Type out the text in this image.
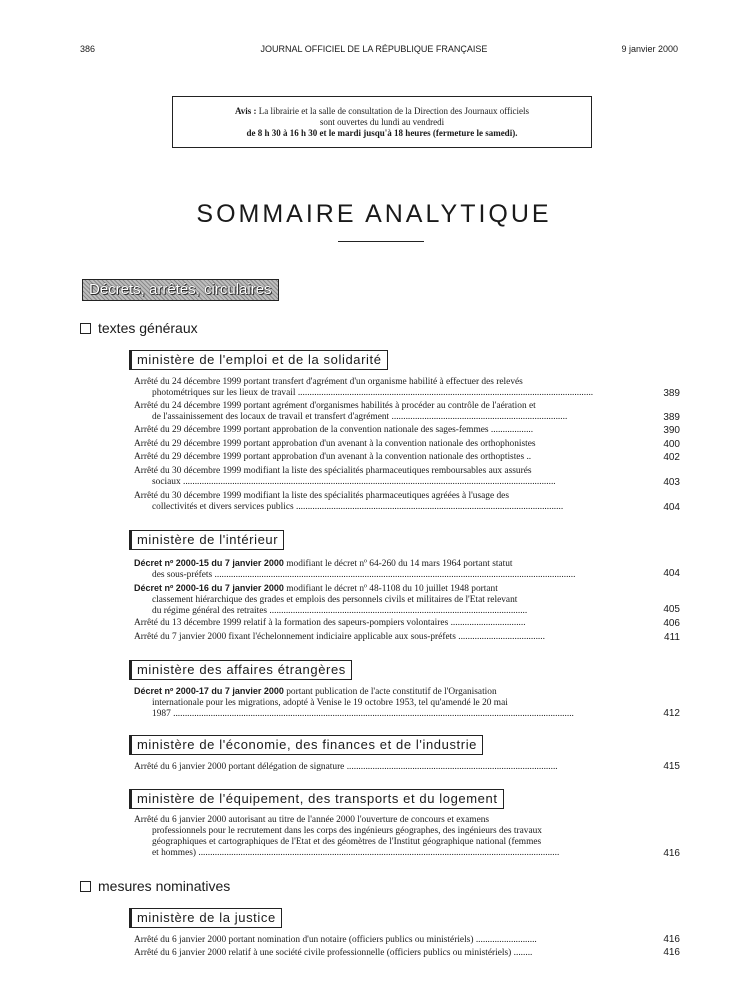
386	JOURNAL OFFICIEL DE LA RÉPUBLIQUE FRANÇAISE	9 janvier 2000
Avis : La librairie et la salle de consultation de la Direction des Journaux officiels
sont ouvertes du lundi au vendredi
de 8 h 30 à 16 h 30 et le mardi jusqu'à 18 heures (fermeture le samedi).
SOMMAIRE ANALYTIQUE
Décrets, arrêtés, circulaires
textes généraux
ministère de l'emploi et de la solidarité
Arrêté du 24 décembre 1999 portant transfert d'agrément d'un organisme habilité à effectuer des relevés
photométriques sur les lieux de travail ..............................................................................................................................	389
Arrêté du 24 décembre 1999 portant agrément d'organismes habilités à procéder au contrôle de l'aération et
de l'assainissement des locaux de travail et transfert d'agrément ...........................................................................	389
Arrêté du 29 décembre 1999 portant approbation de la convention nationale des sages-femmes ..................	390
Arrêté du 29 décembre 1999 portant approbation d'un avenant à la convention nationale des orthophonistes	400
Arrêté du 29 décembre 1999 portant approbation d'un avenant à la convention nationale des orthoptistes ..	402
Arrêté du 30 décembre 1999 modifiant la liste des spécialités pharmaceutiques remboursables aux assurés
sociaux ...............................................................................................................................................................	403
Arrêté du 30 décembre 1999 modifiant la liste des spécialités pharmaceutiques agréées à l'usage des
collectivités et divers services publics ..................................................................................................................	404
ministère de l'intérieur
Décret nº 2000-15 du 7 janvier 2000 modifiant le décret nº 64-260 du 14 mars 1964 portant statut
des sous-préfets ..........................................................................................................................................................	404
Décret nº 2000-16 du 7 janvier 2000 modifiant le décret nº 48-1108 du 10 juillet 1948 portant
classement hiérarchique des grades et emplois des personnels civils et militaires de l'Etat relevant
du régime général des retraites ..............................................................................................................	405
Arrêté du 13 décembre 1999 relatif à la formation des sapeurs-pompiers volontaires ................................	406
Arrêté du 7 janvier 2000 fixant l'échelonnement indiciaire applicable aux sous-préfets .....................................	411
ministère des affaires étrangères
Décret nº 2000-17 du 7 janvier 2000 portant publication de l'acte constitutif de l'Organisation
internationale pour les migrations, adopté à Venise le 19 octobre 1953, tel qu'amendé le 20 mai
1987 ...........................................................................................................................................................................	412
ministère de l'économie, des finances et de l'industrie
Arrêté du 6 janvier 2000 portant délégation de signature ..........................................................................................	415
ministère de l'équipement, des transports et du logement
Arrêté du 6 janvier 2000 autorisant au titre de l'année 2000 l'ouverture de concours et examens
professionnels pour le recrutement dans les corps des ingénieurs géographes, des ingénieurs des travaux
géographiques et cartographiques de l'Etat et des géomètres de l'Institut géographique national (femmes
et hommes) ..........................................................................................................................................................	416
mesures nominatives
ministère de la justice
Arrêté du 6 janvier 2000 portant nomination d'un notaire (officiers publics ou ministériels) ..........................	416
Arrêté du 6 janvier 2000 relatif à une société civile professionnelle (officiers publics ou ministériels) ........	416
